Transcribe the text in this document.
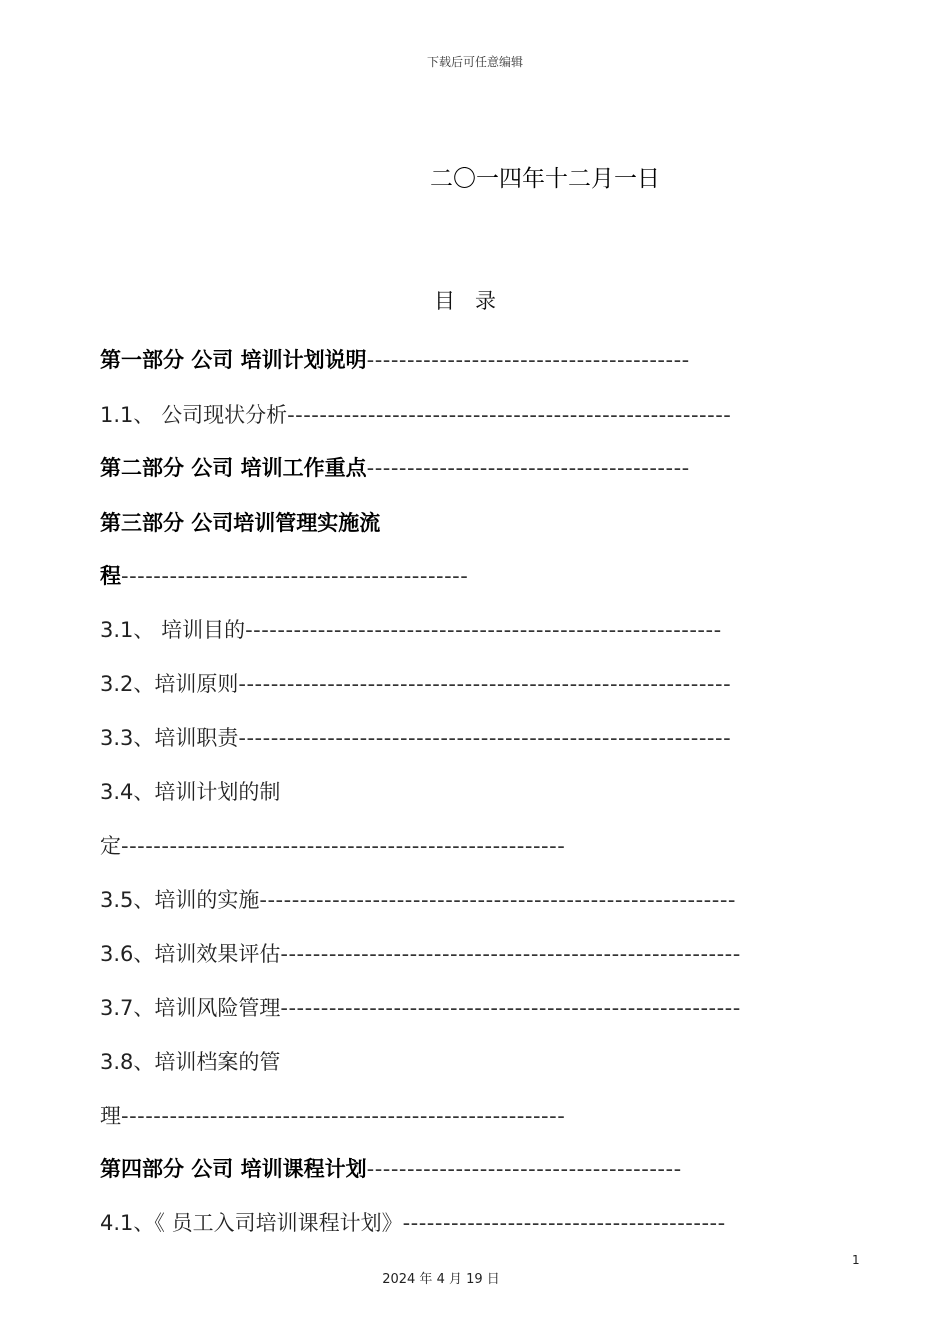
下载后可任意编辑
二〇一四年十二月一日
目录
第一部分 公司 培训计划说明----------------------------------------
1.1、 公司现状分析-------------------------------------------------------
第二部分 公司 培训工作重点----------------------------------------
第三部分 公司培训管理实施流
程-------------------------------------------
3.1、 培训目的-----------------------------------------------------------
3.2、培训原则-------------------------------------------------------------
3.3、培训职责-------------------------------------------------------------
3.4、培训计划的制
定-------------------------------------------------------
3.5、培训的实施-----------------------------------------------------------
3.6、培训效果评估---------------------------------------------------------
3.7、培训风险管理---------------------------------------------------------
3.8、培训档案的管
理-------------------------------------------------------
第四部分 公司 培训课程计划---------------------------------------
4.1、《 员工入司培训课程计划》----------------------------------------
1
2024 年 4 月 19 日
